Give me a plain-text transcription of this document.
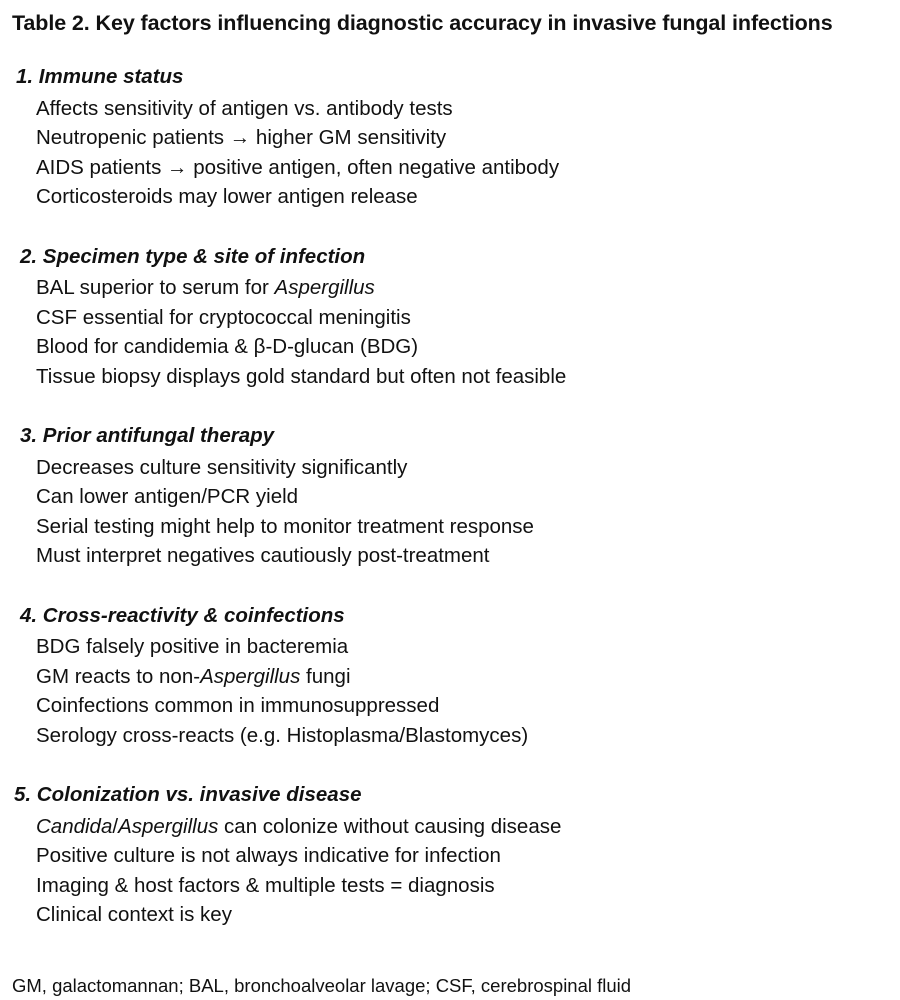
Table 2. Key factors influencing diagnostic accuracy in invasive fungal infections
1. Immune status
Affects sensitivity of antigen vs. antibody tests
Neutropenic patients → higher GM sensitivity
AIDS patients → positive antigen, often negative antibody
Corticosteroids may lower antigen release
2. Specimen type & site of infection
BAL superior to serum for Aspergillus
CSF essential for cryptococcal meningitis
Blood for candidemia & β-D-glucan (BDG)
Tissue biopsy displays gold standard but often not feasible
3. Prior antifungal therapy
Decreases culture sensitivity significantly
Can lower antigen/PCR yield
Serial testing might help to monitor treatment response
Must interpret negatives cautiously post-treatment
4. Cross-reactivity & coinfections
BDG falsely positive in bacteremia
GM reacts to non-Aspergillus fungi
Coinfections common in immunosuppressed
Serology cross-reacts (e.g. Histoplasma/Blastomyces)
5. Colonization vs. invasive disease
Candida/Aspergillus can colonize without causing disease
Positive culture is not always indicative for infection
Imaging & host factors & multiple tests = diagnosis
Clinical context is key

GM, galactomannan; BAL, bronchoalveolar lavage; CSF, cerebrospinal fluid
